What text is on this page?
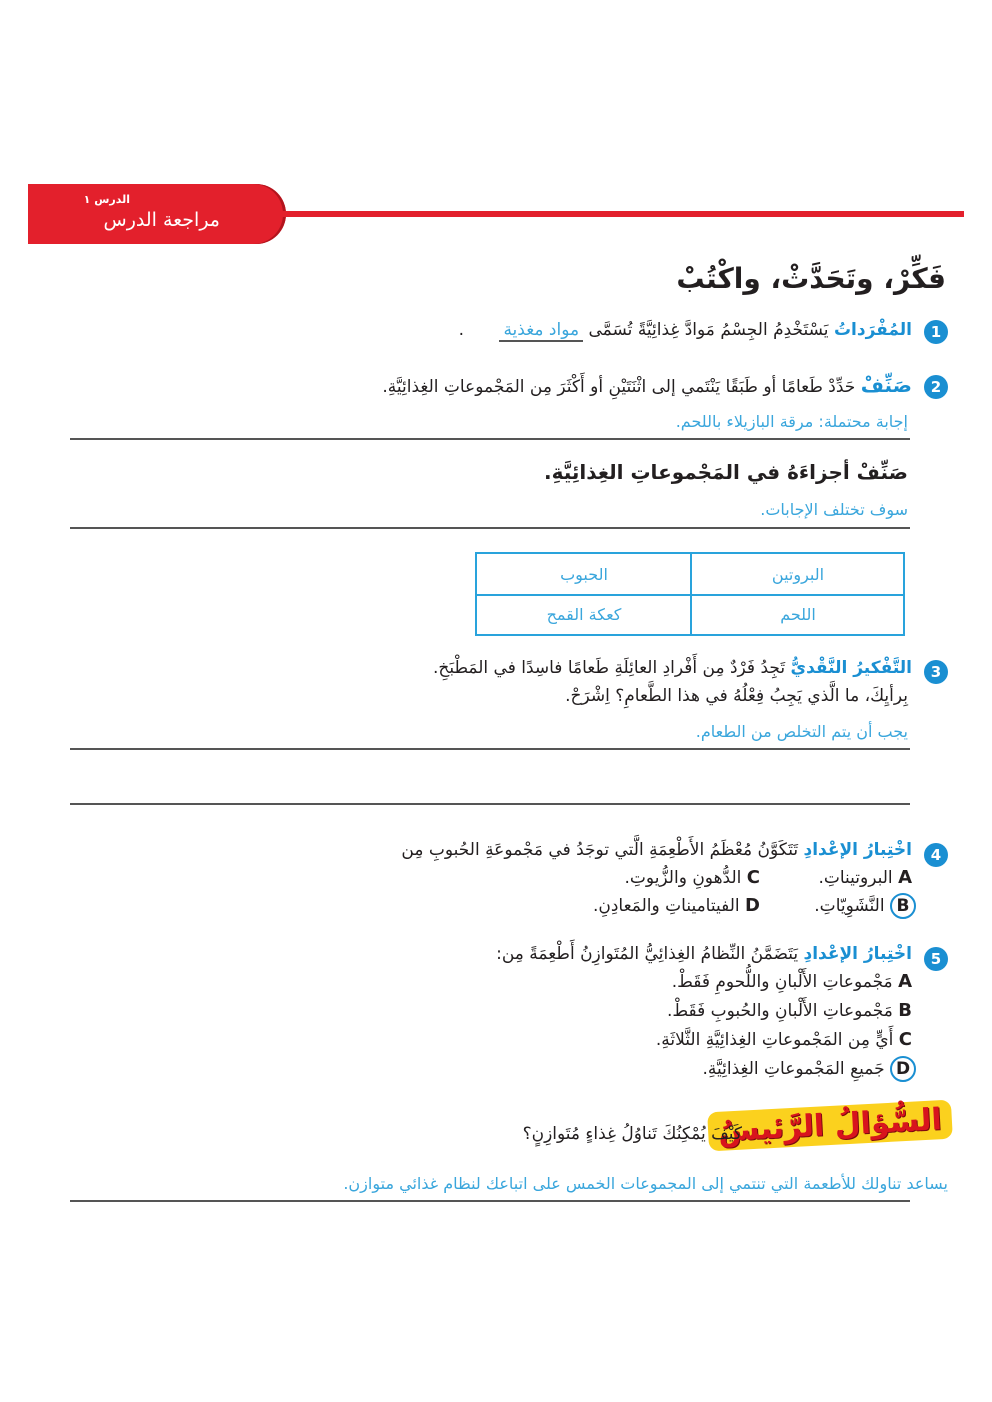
الدرس ١
مراجعة الدرس
فَكِّرْ، وتَحَدَّثْ، واكْتُبْ
1
المُفْرَداتُ يَسْتَخْدِمُ الجِسْمُ مَوادَّ غِذائِيَّةً تُسَمَّى مواد مغذية .
2
صَنِّفْ حَدِّدْ طَعامًا أو طَبَقًا يَنْتَمي إلى اثْنَتَيْنِ أو أَكْثَرَ مِن المَجْموعاتِ الغِذائِيَّةِ.
إجابة محتملة: مرقة البازيلاء باللحم.
صَنِّفْ أجزاءَهُ في المَجْموعاتِ الغِذائِيَّةِ.
سوف تختلف الإجابات.
البروتين
الحبوب
اللحم
كعكة القمح
3
التَّفْكيرُ النَّقْديُّ تَجِدُ فَرْدٌ مِن أَفْرادِ العائِلَةِ طَعامًا فاسِدًا في المَطْبَخِ.
بِرأيِكَ، ما الَّذي يَجِبُ فِعْلُهُ في هذا الطَّعامِ؟ اِشْرَحْ.
يجب أن يتم التخلص من الطعام.
4
اخْتِبارُ الإعْدادِ تَتَكَوَّنُ مُعْظَمُ الأَطْعِمَةِ الَّتي توجَدُ في مَجْموعَةِ الحُبوبِ مِن
A البروتيناتِ.
C الدُّهونِ والزُّيوتِ.
B النَّشَوِيّاتِ.
D الفيتاميناتِ والمَعادِنِ.
5
اخْتِبارُ الإعْدادِ يَتَضَمَّنُ النِّظامُ الغِذائِيُّ المُتَوازِنُ أَطْعِمَةً مِن:
A مَجْموعاتِ الأَلْبانِ واللُّحومِ فَقَطْ.
B مَجْموعاتِ الأَلْبانِ والحُبوبِ فَقَطْ.
C أَيٍّ مِن المَجْموعاتِ الغِذائِيَّةِ الثَّلاثَةِ.
D جَميعِ المَجْموعاتِ الغِذائِيَّةِ.
السُّؤالُ الرَّئيسُ
كَيْفَ يُمْكِنُكَ تَناوُلُ غِذاءٍ مُتَوازِنٍ؟
يساعد تناولك للأطعمة التي تنتمي إلى المجموعات الخمس على اتباعك لنظام غذائي متوازن.
